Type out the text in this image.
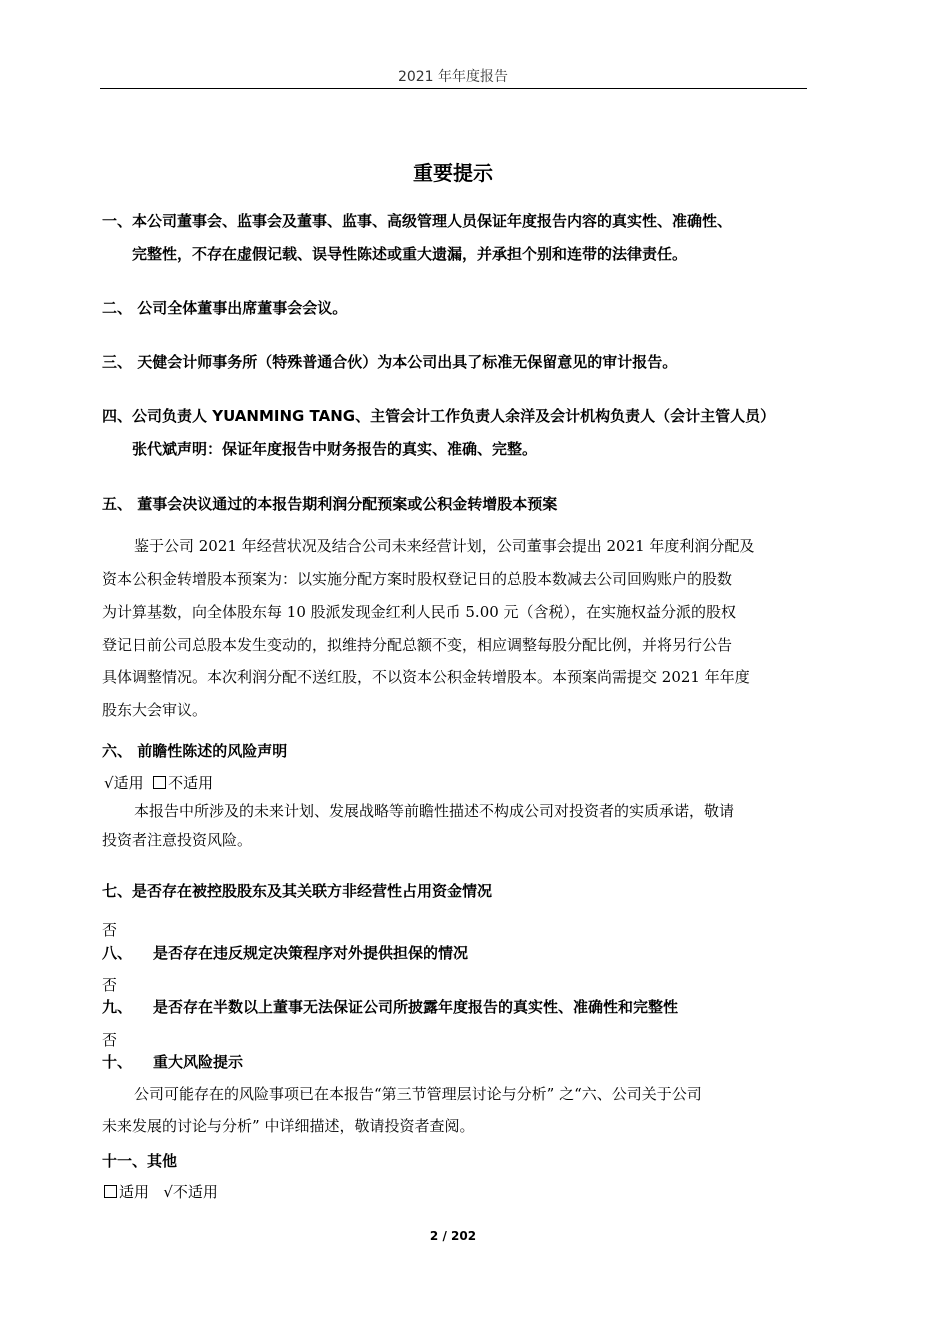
2021 年年度报告
重要提示
一、本公司董事会、监事会及董事、监事、高级管理人员保证年度报告内容的真实性、准确性、
完整性，不存在虚假记载、误导性陈述或重大遗漏，并承担个别和连带的法律责任。
二、 公司全体董事出席董事会会议。
三、 天健会计师事务所（特殊普通合伙）为本公司出具了标准无保留意见的审计报告。
四、公司负责人 YUANMING TANG、主管会计工作负责人余洋及会计机构负责人（会计主管人员）
张代斌声明：保证年度报告中财务报告的真实、准确、完整。
五、 董事会决议通过的本报告期利润分配预案或公积金转增股本预案
鉴于公司 2021 年经营状况及结合公司未来经营计划，公司董事会提出 2021 年度利润分配及
资本公积金转增股本预案为：以实施分配方案时股权登记日的总股本数减去公司回购账户的股数
为计算基数，向全体股东每 10 股派发现金红利人民币 5.00 元（含税），在实施权益分派的股权
登记日前公司总股本发生变动的，拟维持分配总额不变，相应调整每股分配比例，并将另行公告
具体调整情况。本次利润分配不送红股，不以资本公积金转增股本。本预案尚需提交 2021 年年度
股东大会审议。
六、 前瞻性陈述的风险声明
√适用 不适用
本报告中所涉及的未来计划、发展战略等前瞻性描述不构成公司对投资者的实质承诺，敬请
投资者注意投资风险。
七、是否存在被控股股东及其关联方非经营性占用资金情况
否
八、 是否存在违反规定决策程序对外提供担保的情况
否
九、 是否存在半数以上董事无法保证公司所披露年度报告的真实性、准确性和完整性
否
十、 重大风险提示
公司可能存在的风险事项已在本报告“第三节管理层讨论与分析” 之“六、公司关于公司
未来发展的讨论与分析” 中详细描述，敬请投资者查阅。
十一、其他
适用 √不适用
2 / 202
